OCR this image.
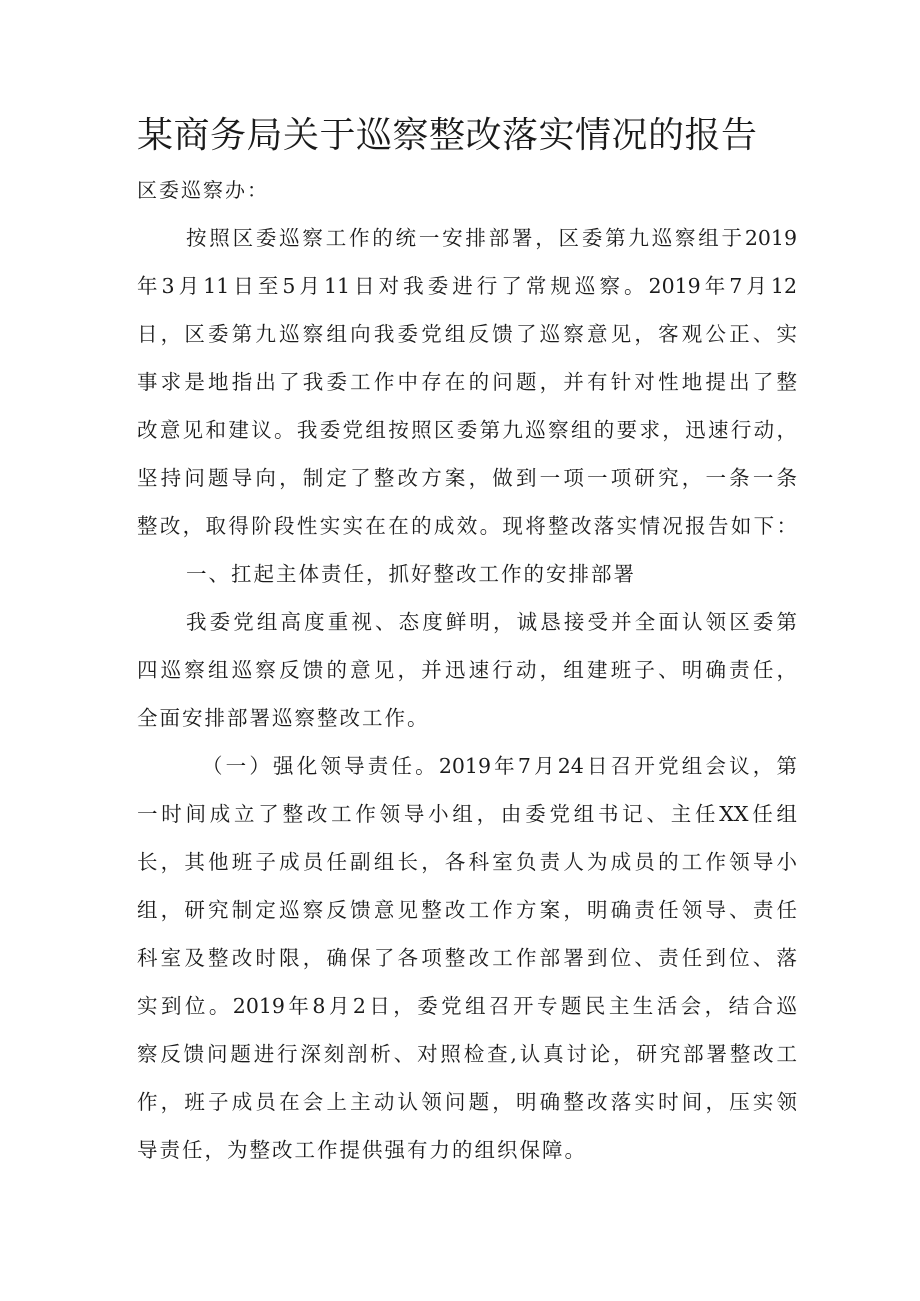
某商务局关于巡察整改落实情况的报告

区委巡察办：

按照区委巡察工作的统一安排部署，区委第九巡察组于2019

年3月11日至5月11日对我委进行了常规巡察。2019年7月12

日，区委第九巡察组向我委党组反馈了巡察意见，客观公正、实

事求是地指出了我委工作中存在的问题，并有针对性地提出了整

改意见和建议。我委党组按照区委第九巡察组的要求，迅速行动，

坚持问题导向，制定了整改方案，做到一项一项研究，一条一条

整改，取得阶段性实实在在的成效。现将整改落实情况报告如下：

一、扛起主体责任，抓好整改工作的安排部署

我委党组高度重视、态度鲜明，诚恳接受并全面认领区委第

四巡察组巡察反馈的意见，并迅速行动，组建班子、明确责任，

全面安排部署巡察整改工作。

（一）强化领导责任。2019年7月24日召开党组会议，第

一时间成立了整改工作领导小组，由委党组书记、主任XX任组

长，其他班子成员任副组长，各科室负责人为成员的工作领导小

组，研究制定巡察反馈意见整改工作方案，明确责任领导、责任

科室及整改时限，确保了各项整改工作部署到位、责任到位、落

实到位。2019年8月2日，委党组召开专题民主生活会，结合巡

察反馈问题进行深刻剖析、对照检查,认真讨论，研究部署整改工

作，班子成员在会上主动认领问题，明确整改落实时间，压实领

导责任，为整改工作提供强有力的组织保障。
